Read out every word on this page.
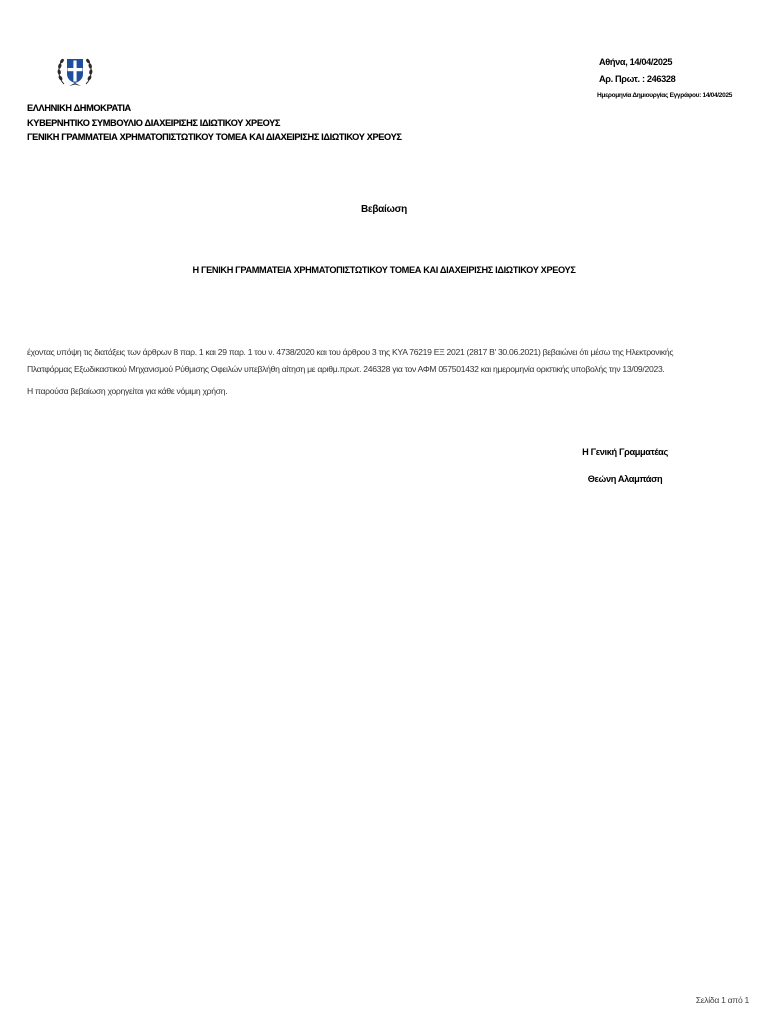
ΕΛΛΗΝΙΚΗ ΔΗΜΟΚΡΑΤΙΑ
ΚΥΒΕΡΝΗΤΙΚΟ ΣΥΜΒΟΥΛΙΟ ΔΙΑΧΕΙΡΙΣΗΣ ΙΔΙΩΤΙΚΟΥ ΧΡΕΟΥΣ
ΓΕΝΙΚΗ ΓΡΑΜΜΑΤΕΙΑ ΧΡΗΜΑΤΟΠΙΣΤΩΤΙΚΟΥ ΤΟΜΕΑ ΚΑΙ ΔΙΑΧΕΙΡΙΣΗΣ ΙΔΙΩΤΙΚΟΥ ΧΡΕΟΥΣ
Αθήνα, 14/04/2025
Αρ. Πρωτ. : 246328
Ημερομηνία Δημιουργίας Εγγράφου: 14/04/2025
Βεβαίωση
Η ΓΕΝΙΚΗ ΓΡΑΜΜΑΤΕΙΑ ΧΡΗΜΑΤΟΠΙΣΤΩΤΙΚΟΥ ΤΟΜΕΑ ΚΑΙ ΔΙΑΧΕΙΡΙΣΗΣ ΙΔΙΩΤΙΚΟΥ ΧΡΕΟΥΣ
έχοντας υπόψη τις διατάξεις των άρθρων 8 παρ. 1 και 29 παρ. 1 του ν. 4738/2020 και του άρθρου 3 της ΚΥΑ 76219 ΕΞ 2021 (2817 Β' 30.06.2021) βεβαιώνει ότι μέσω της Ηλεκτρονικής
Πλατφόρμας Εξωδικαστικού Μηχανισμού Ρύθμισης Οφειλών υπεβλήθη αίτηση με αριθμ.πρωτ. 246328 για τον ΑΦΜ 057501432 και ημερομηνία οριστικής υποβολής την 13/09/2023.
Η παρούσα βεβαίωση χορηγείται για κάθε νόμιμη χρήση.
Η Γενική Γραμματέας
Θεώνη Αλαμπάση
Σελίδα 1 από 1
